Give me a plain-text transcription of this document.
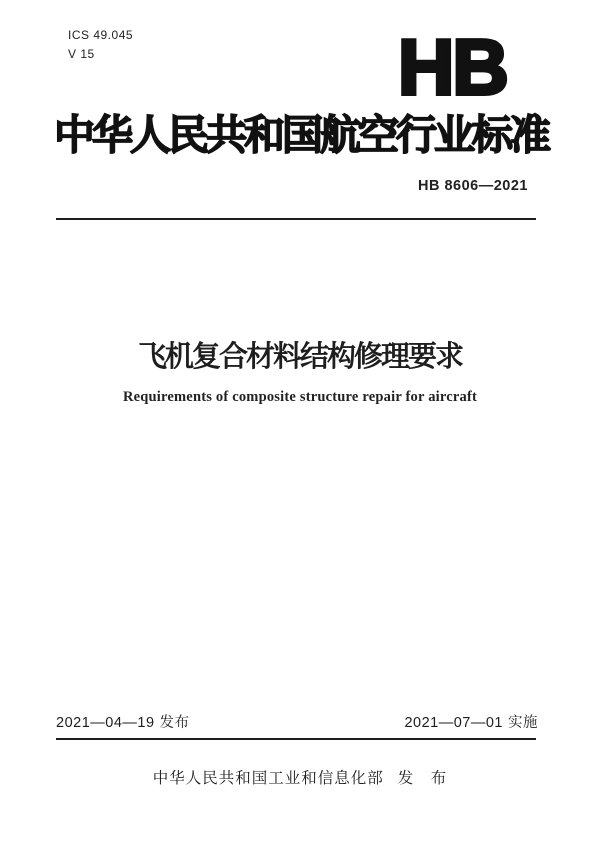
ICS 49.045
V 15	HB
中华人民共和国航空行业标准
HB 8606—2021
飞机复合材料结构修理要求
Requirements of composite structure repair for aircraft
2021—04—19 发布	2021—07—01 实施
中华人民共和国工业和信息化部 发　布
